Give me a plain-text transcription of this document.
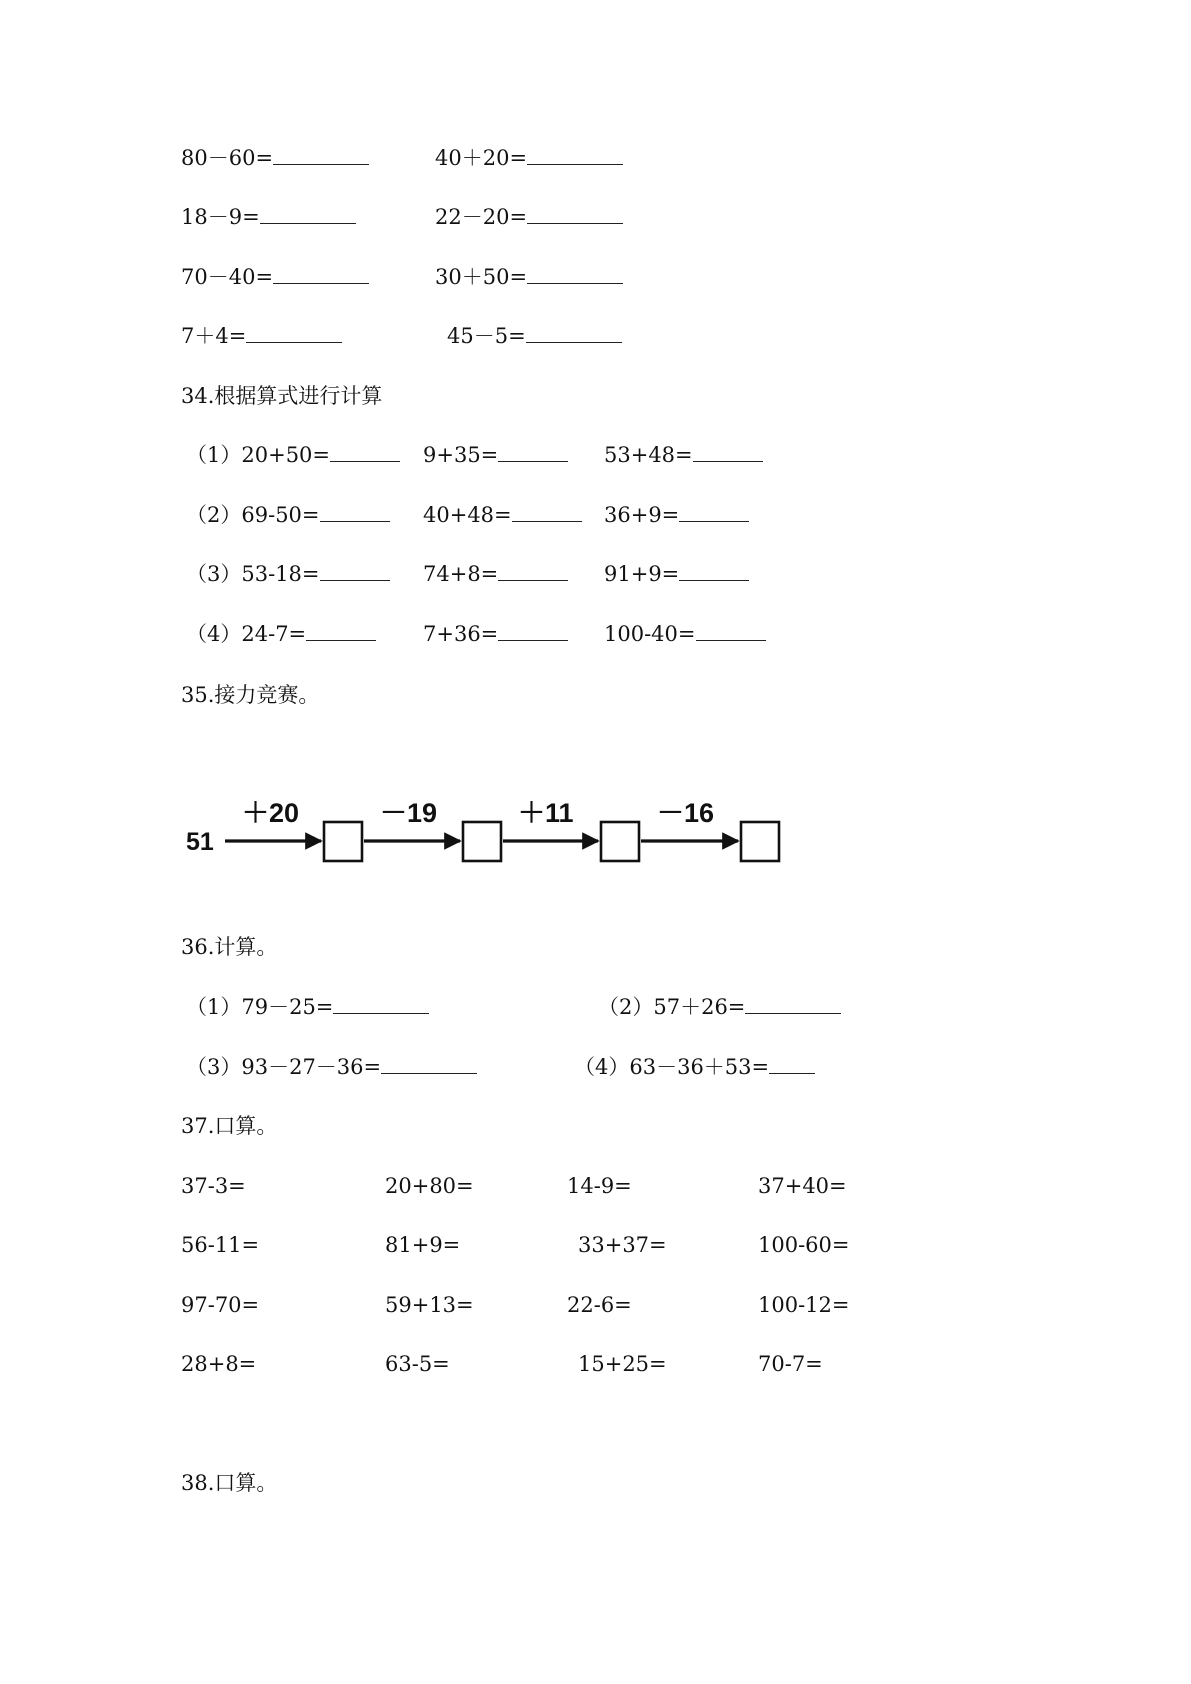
80－60=	40＋20=
18－9=	22－20=
70－40=	30＋50=
7＋4=	45－5=
34.根据算式进行计算
（1）20+50=	9+35=	53+48=
（2）69-50=	40+48=	36+9=
（3）53-18=	74+8=	91+9=
（4）24-7=	7+36=	100-40=
35.接力竞赛。
51
＋20	－19	＋11	－16
36.计算。
（1）79－25=	（2）57＋26=
（3）93－27－36=	（4）63－36＋53=
37.口算。
37-3=	20+80=	14-9=	37+40=
56-11=	81+9=	33+37=	100-60=
97-70=	59+13=	22-6=	100-12=
28+8=	63-5=	15+25=	70-7=
38.口算。
